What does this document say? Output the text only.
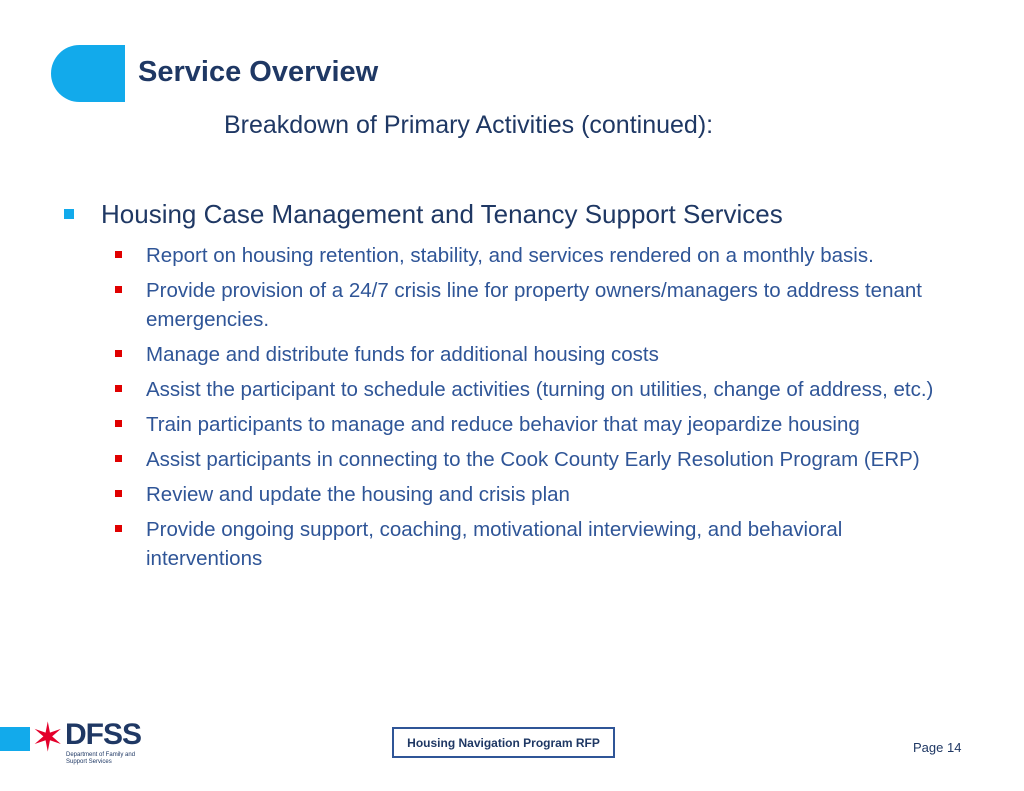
Service Overview
Breakdown of Primary Activities (continued):
Housing Case Management and Tenancy Support Services
Report on housing retention, stability, and services rendered on a monthly basis.
Provide provision of a 24/7 crisis line for property owners/managers to address tenant emergencies.
Manage and distribute funds for additional housing costs
Assist the participant to schedule activities (turning on utilities, change of address, etc.)
Train participants to manage and reduce behavior that may jeopardize housing
Assist participants in connecting to the Cook County Early Resolution Program (ERP)
Review and update the housing and crisis plan
Provide ongoing support, coaching, motivational interviewing, and behavioral interventions
✶ DFSS
Department of Family and Support Services
Housing Navigation Program RFP	Page 14
